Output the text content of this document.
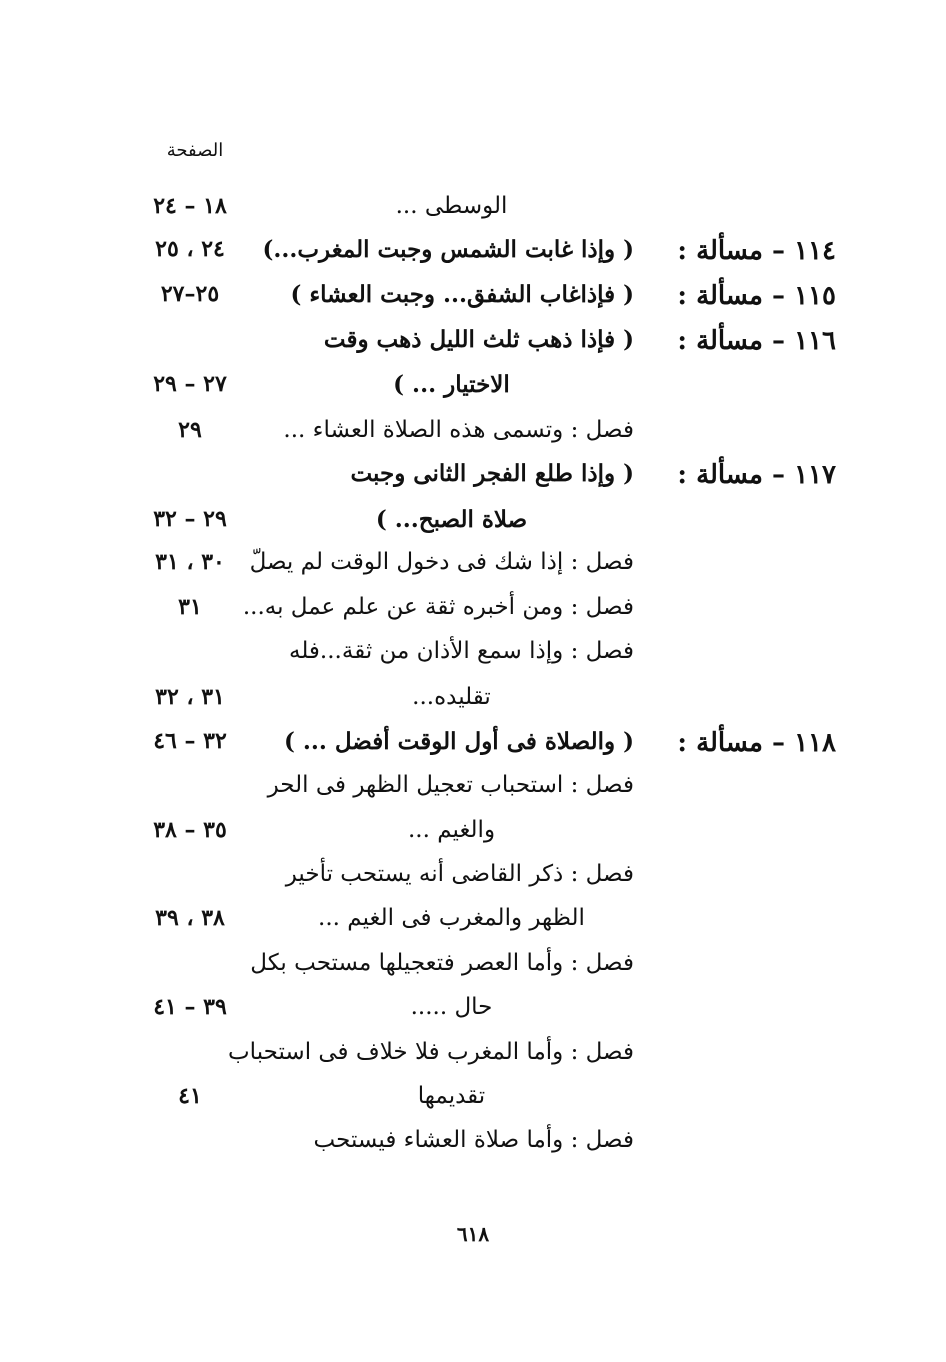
الصفحة
الوسطى ...
١٨ – ٢٤
١١٤ – مسألة :
( وإذا غابت الشمس وجبت المغرب...)
٢٤ ، ٢٥
١١٥ – مسألة :
( فإذاغاب الشفق... وجبت العشاء )
٢٥–٢٧
١١٦ – مسألة :
( فإذا ذهب ثلث الليل ذهب وقت
الاختيار ... )
٢٧ – ٢٩
فصل : وتسمى هذه الصلاة العشاء ...
٢٩
١١٧ – مسألة :
( وإذا طلع الفجر الثانى وجبت
صلاة الصبح... )
٢٩ – ٣٢
فصل : إذا شك فى دخول الوقت لم يصلّ
٣٠ ، ٣١
فصل : ومن أخبره ثقة عن علم عمل به...
٣١
فصل : وإذا سمع الأذان من ثقة...فله
تقليده...
٣١ ، ٣٢
١١٨ – مسألة :
( والصلاة فى أول الوقت أفضل ... )
٣٢ – ٤٦
فصل : استحباب تعجيل الظهر فى الحر
والغيم ...
٣٥ – ٣٨
فصل : ذكر القاضى أنه يستحب تأخير
الظهر والمغرب فى الغيم ...
٣٨ ، ٣٩
فصل : وأما العصر فتعجيلها مستحب بكل
حال .....
٣٩ – ٤١
فصل : وأما المغرب فلا خلاف فى استحباب
تقديمها
٤١
فصل : وأما صلاة العشاء فيستحب
٦١٨
